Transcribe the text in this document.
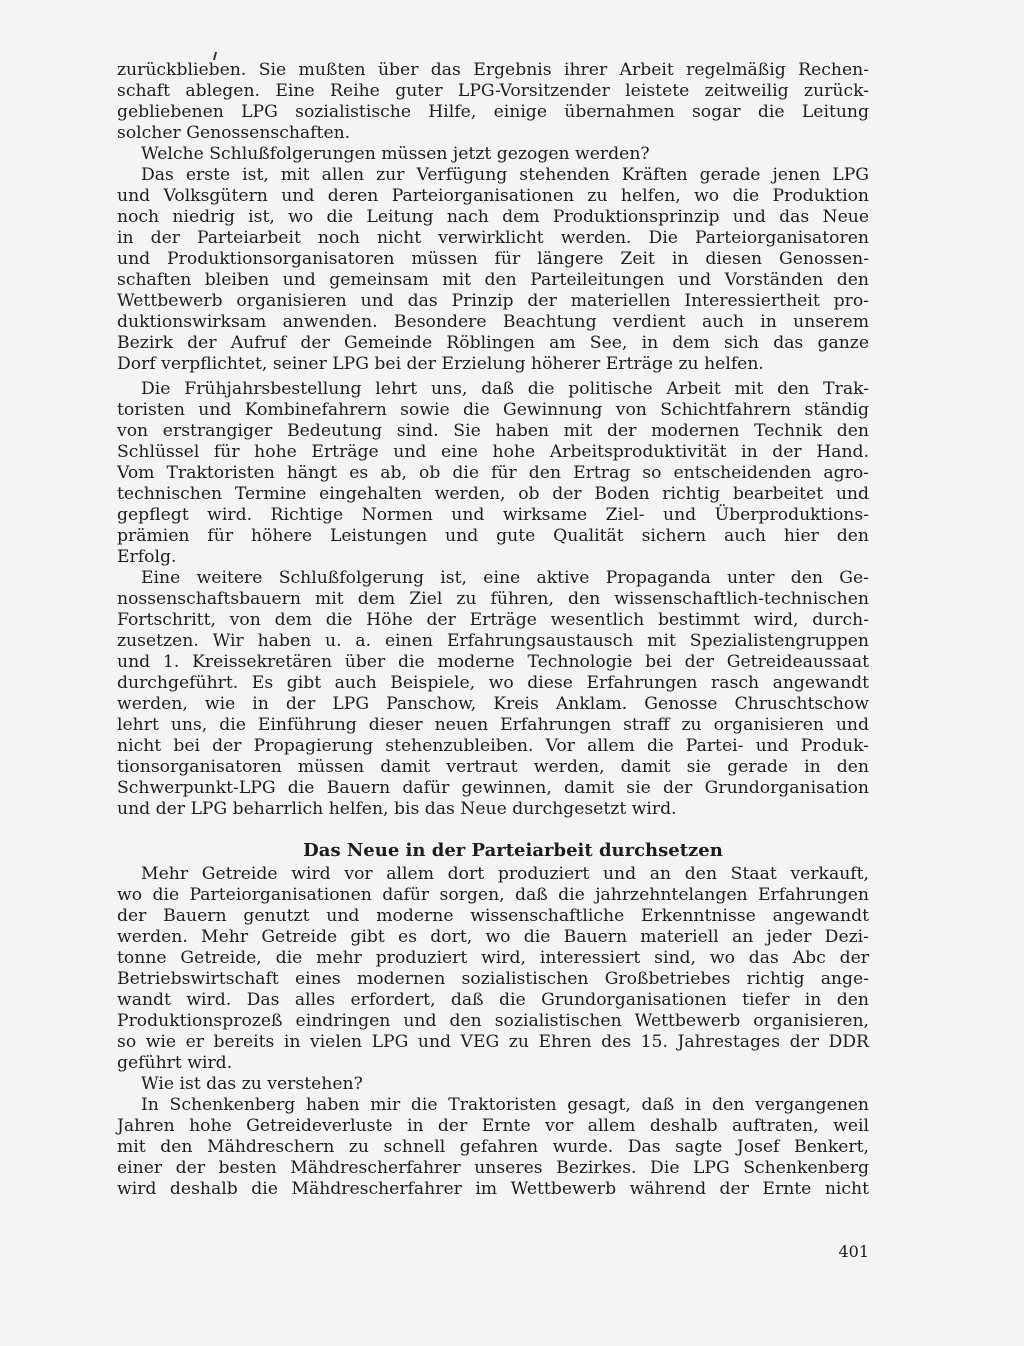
zurückblieben. Sie mußten über das Ergebnis ihrer Arbeit regelmäßig Rechen-
schaft ablegen. Eine Reihe guter LPG-Vorsitzender leistete zeitweilig zurück-
gebliebenen LPG sozialistische Hilfe, einige übernahmen sogar die Leitung
solcher Genossenschaften.
Welche Schlußfolgerungen müssen jetzt gezogen werden?
Das erste ist, mit allen zur Verfügung stehenden Kräften gerade jenen LPG
und Volksgütern und deren Parteiorganisationen zu helfen, wo die Produktion
noch niedrig ist, wo die Leitung nach dem Produktionsprinzip und das Neue
in der Parteiarbeit noch nicht verwirklicht werden. Die Parteiorganisatoren
und Produktionsorganisatoren müssen für längere Zeit in diesen Genossen-
schaften bleiben und gemeinsam mit den Parteileitungen und Vorständen den
Wettbewerb organisieren und das Prinzip der materiellen Interessiertheit pro-
duktionswirksam anwenden. Besondere Beachtung verdient auch in unserem
Bezirk der Aufruf der Gemeinde Röblingen am See, in dem sich das ganze
Dorf verpflichtet, seiner LPG bei der Erzielung höherer Erträge zu helfen.
Die Frühjahrsbestellung lehrt uns, daß die politische Arbeit mit den Trak-
toristen und Kombinefahrern sowie die Gewinnung von Schichtfahrern ständig
von erstrangiger Bedeutung sind. Sie haben mit der modernen Technik den
Schlüssel für hohe Erträge und eine hohe Arbeitsproduktivität in der Hand.
Vom Traktoristen hängt es ab, ob die für den Ertrag so entscheidenden agro-
technischen Termine eingehalten werden, ob der Boden richtig bearbeitet und
gepflegt wird. Richtige Normen und wirksame Ziel- und Überproduktions-
prämien für höhere Leistungen und gute Qualität sichern auch hier den
Erfolg.
Eine weitere Schlußfolgerung ist, eine aktive Propaganda unter den Ge-
nossenschaftsbauern mit dem Ziel zu führen, den wissenschaftlich-technischen
Fortschritt, von dem die Höhe der Erträge wesentlich bestimmt wird, durch-
zusetzen. Wir haben u. a. einen Erfahrungsaustausch mit Spezialistengruppen
und 1. Kreissekretären über die moderne Technologie bei der Getreideaussaat
durchgeführt. Es gibt auch Beispiele, wo diese Erfahrungen rasch angewandt
werden, wie in der LPG Panschow, Kreis Anklam. Genosse Chruschtschow
lehrt uns, die Einführung dieser neuen Erfahrungen straff zu organisieren und
nicht bei der Propagierung stehenzubleiben. Vor allem die Partei- und Produk-
tionsorganisatoren müssen damit vertraut werden, damit sie gerade in den
Schwerpunkt-LPG die Bauern dafür gewinnen, damit sie der Grundorganisation
und der LPG beharrlich helfen, bis das Neue durchgesetzt wird.
Das Neue in der Parteiarbeit durchsetzen
Mehr Getreide wird vor allem dort produziert und an den Staat verkauft,
wo die Parteiorganisationen dafür sorgen, daß die jahrzehntelangen Erfahrungen
der Bauern genutzt und moderne wissenschaftliche Erkenntnisse angewandt
werden. Mehr Getreide gibt es dort, wo die Bauern materiell an jeder Dezi-
tonne Getreide, die mehr produziert wird, interessiert sind, wo das Abc der
Betriebswirtschaft eines modernen sozialistischen Großbetriebes richtig ange-
wandt wird. Das alles erfordert, daß die Grundorganisationen tiefer in den
Produktionsprozeß eindringen und den sozialistischen Wettbewerb organisieren,
so wie er bereits in vielen LPG und VEG zu Ehren des 15. Jahrestages der DDR
geführt wird.
Wie ist das zu verstehen?
In Schenkenberg haben mir die Traktoristen gesagt, daß in den vergangenen
Jahren hohe Getreideverluste in der Ernte vor allem deshalb auftraten, weil
mit den Mähdreschern zu schnell gefahren wurde. Das sagte Josef Benkert,
einer der besten Mähdrescherfahrer unseres Bezirkes. Die LPG Schenkenberg
wird deshalb die Mähdrescherfahrer im Wettbewerb während der Ernte nicht
401
